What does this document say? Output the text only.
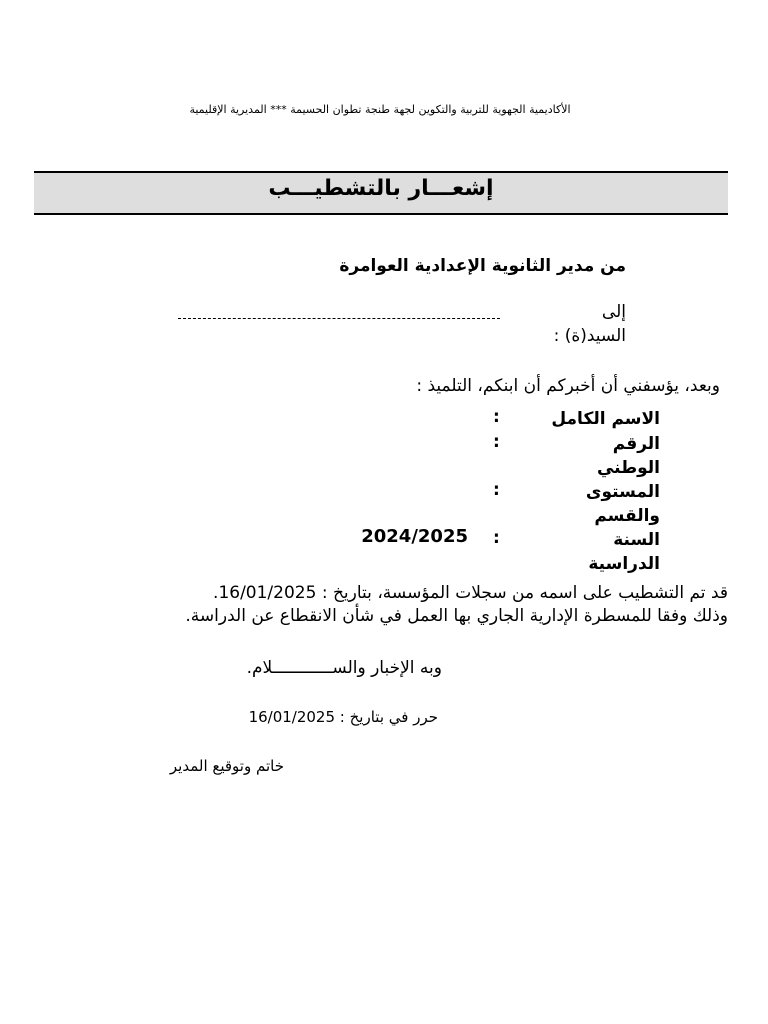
الأكاديمية الجهوية للتربية والتكوين لجهة طنجة تطوان الحسيمة *** المديرية الإقليمية
إشعـــار بالتشطيـــب
من مدير الثانوية الإعدادية العوامرة
إلى
السيد(ة) :
وبعد، يؤسفني أن أخبركم أن ابنكم، التلميذ :
الاسم الكامل
:
الرقم الوطني
:
المستوى والقسم
:
السنة الدراسية
:
2024/2025
قد تم التشطيب على اسمه من سجلات المؤسسة، بتاريخ : 16/01/2025.
وذلك وفقا للمسطرة الإدارية الجاري بها العمل في شأن الانقطاع عن الدراسة.
وبه الإخبار والســــــــــــلام.
حرر في بتاريخ : 16/01/2025
خاتم وتوقيع المدير
